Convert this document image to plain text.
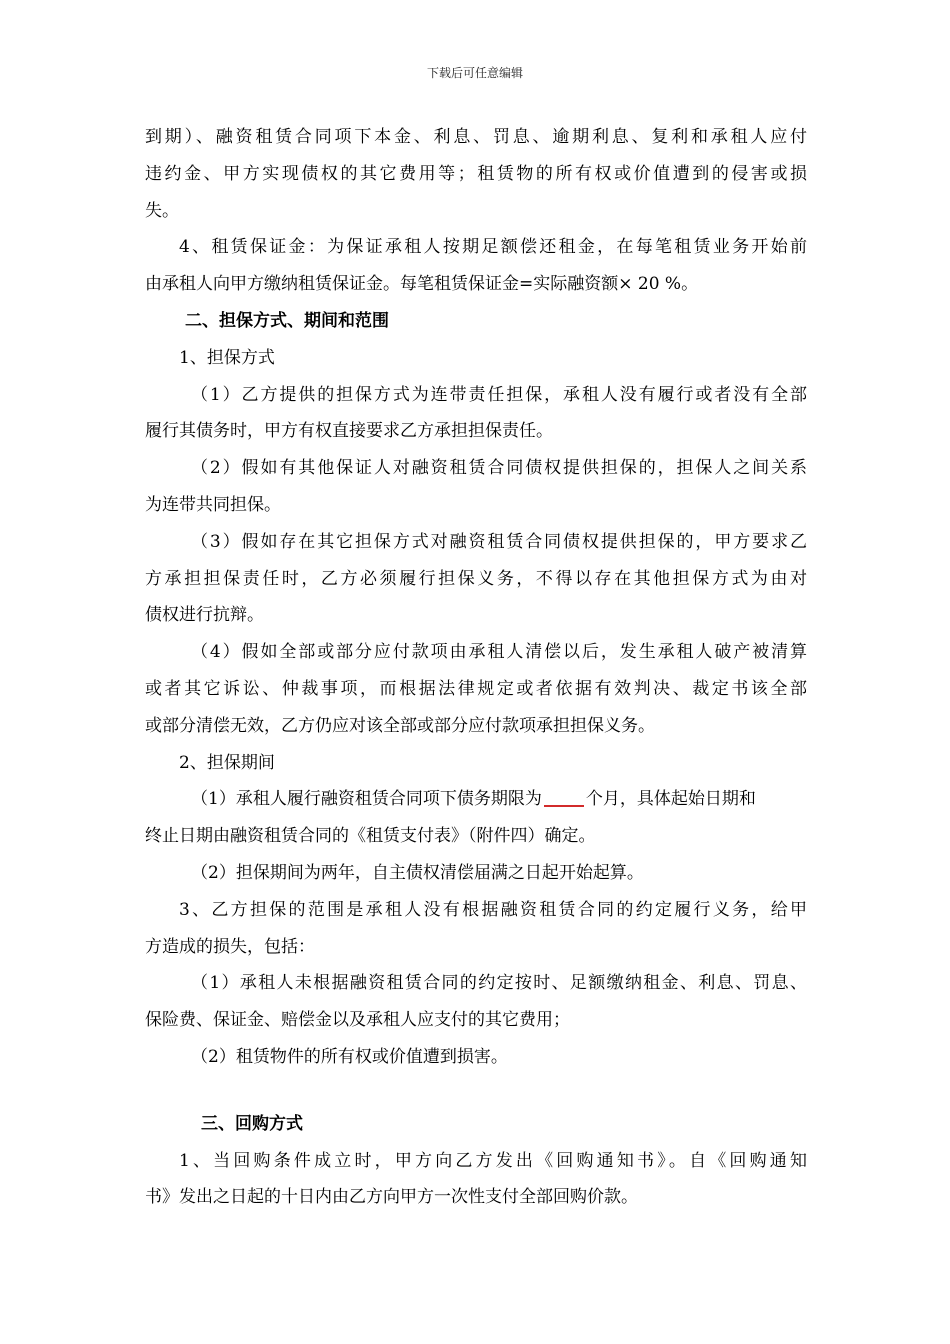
下载后可任意编辑

到期）、融资租赁合同项下本金、利息、罚息、逾期利息、复利和承租人应付

违约金、甲方实现债权的其它费用等；租赁物的所有权或价值遭到的侵害或损

失。

4、租赁保证金：为保证承租人按期足额偿还租金，在每笔租赁业务开始前

由承租人向甲方缴纳租赁保证金。每笔租赁保证金=实际融资额× 20 %。

二、担保方式、期间和范围

1、担保方式

（1）乙方提供的担保方式为连带责任担保，承租人没有履行或者没有全部

履行其债务时，甲方有权直接要求乙方承担担保责任。

（2）假如有其他保证人对融资租赁合同债权提供担保的，担保人之间关系

为连带共同担保。

（3）假如存在其它担保方式对融资租赁合同债权提供担保的，甲方要求乙

方承担担保责任时，乙方必须履行担保义务，不得以存在其他担保方式为由对

债权进行抗辩。

（4）假如全部或部分应付款项由承租人清偿以后，发生承租人破产被清算

或者其它诉讼、仲裁事项，而根据法律规定或者依据有效判决、裁定书该全部

或部分清偿无效，乙方仍应对该全部或部分应付款项承担担保义务。

2、担保期间

（1）承租人履行融资租赁合同项下债务期限为	个月，具体起始日期和

终止日期由融资租赁合同的《租赁支付表》（附件四）确定。

（2）担保期间为两年，自主债权清偿届满之日起开始起算。

3、乙方担保的范围是承租人没有根据融资租赁合同的约定履行义务，给甲

方造成的损失，包括：

（1）承租人未根据融资租赁合同的约定按时、足额缴纳租金、利息、罚息、

保险费、保证金、赔偿金以及承租人应支付的其它费用；

（2）租赁物件的所有权或价值遭到损害。

三、回购方式

1、当回购条件成立时，甲方向乙方发出《回购通知书》。自《回购通知

书》发出之日起的十日内由乙方向甲方一次性支付全部回购价款。
